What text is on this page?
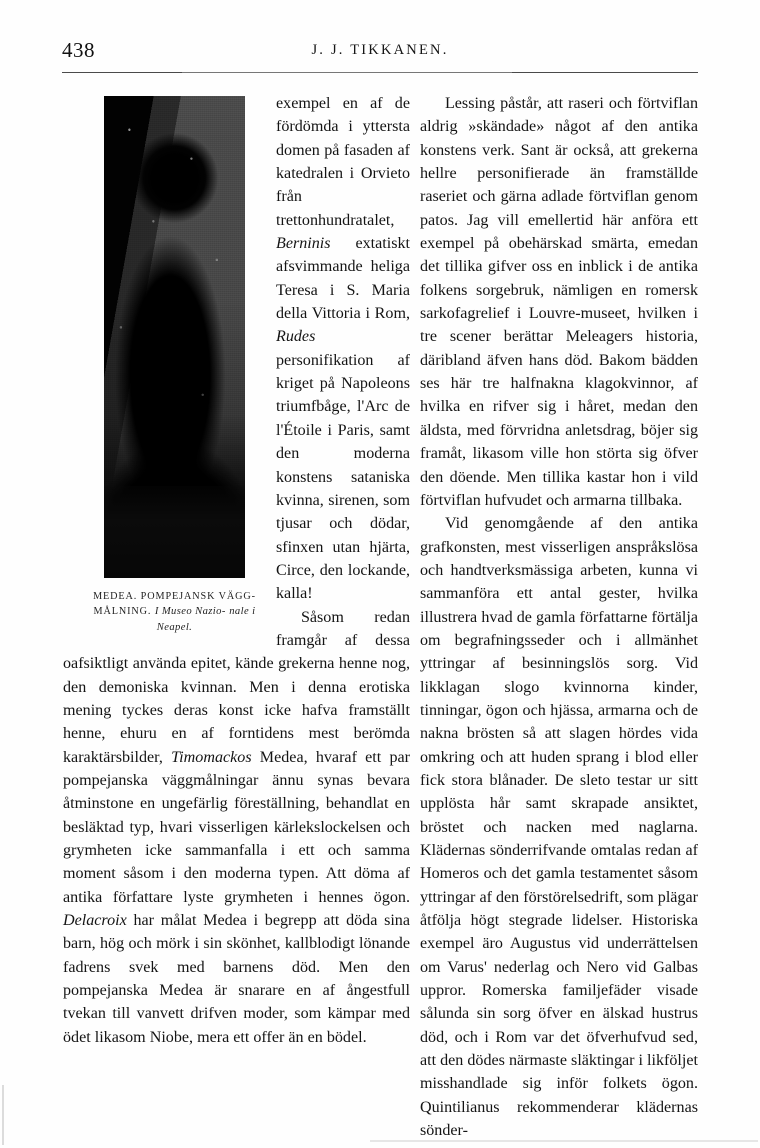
438	J. J. TIKKANEN.
MEDEA. POMPEJANSK VÄGG- MÅLNING. I Museo Nazio- nale i Neapel.

exempel en af de fördömda i yttersta domen på fasaden af katedralen i Orvieto från trettonhundratalet, Berninis extatiskt afsvimmande heliga Teresa i S. Maria della Vittoria i Rom, Rudes personifikation af kriget på Napoleons triumfbåge, l'Arc de l'Étoile i Paris, samt den moderna konstens sataniska kvinna, sirenen, som tjusar och dödar, sfinxen utan hjärta, Circe, den lockande, kalla!

Såsom redan framgår af dessa oafsiktligt använda epitet, kände grekerna henne nog, den demoniska kvinnan. Men i denna erotiska mening tyckes deras konst icke hafva framställt henne, ehuru en af forntidens mest berömda karaktärsbilder, Timomackos Medea, hvaraf ett par pompejanska väggmålningar ännu synas bevara åtminstone en ungefärlig föreställning, behandlat en besläktad typ, hvari visserligen kärlekslockelsen och grymheten icke sammanfalla i ett och samma moment såsom i den moderna typen. Att döma af antika författare lyste grymheten i hennes ögon. Delacroix har målat Medea i begrepp att döda sina barn, hög och mörk i sin skönhet, kallblodigt lönande fadrens svek med barnens död. Men den pompejanska Medea är snarare en af ångestfull tvekan till vanvett drifven moder, som kämpar med ödet likasom Niobe, mera ett offer än en bödel.

Lessing påstår, att raseri och förtviflan aldrig »skändade» något af den antika konstens verk. Sant är också, att grekerna hellre personifierade än framställde raseriet och gärna adlade förtviflan genom patos. Jag vill emellertid här anföra ett exempel på obehärskad smärta, emedan det tillika gifver oss en inblick i de antika folkens sorgebruk, nämligen en romersk sarkofagrelief i Louvre-museet, hvilken i tre scener berättar Meleagers historia, däribland äfven hans död. Bakom bädden ses här tre halfnakna klagokvinnor, af hvilka en rifver sig i håret, medan den äldsta, med förvridna anletsdrag, böjer sig framåt, likasom ville hon störta sig öfver den döende. Men tillika kastar hon i vild förtviflan hufvudet och armarna tillbaka.

Vid genomgående af den antika grafkonsten, mest visserligen anspråkslösa och handtverksmässiga arbeten, kunna vi sammanföra ett antal gester, hvilka illustrera hvad de gamla författarne förtälja om begrafningsseder och i allmänhet yttringar af besinningslös sorg. Vid likklagan slogo kvinnorna kinder, tinningar, ögon och hjässa, armarna och de nakna brösten så att slagen hördes vida omkring och att huden sprang i blod eller fick stora blånader. De sleto testar ur sitt upplösta hår samt skrapade ansiktet, bröstet och nacken med naglarna. Klädernas sönderrifvande omtalas redan af Homeros och det gamla testamentet såsom yttringar af den förstörelsedrift, som plägar åtfölja högt stegrade lidelser. Historiska exempel äro Augustus vid underrättelsen om Varus' nederlag och Nero vid Galbas uppror. Romerska familjefäder visade sålunda sin sorg öfver en älskad hustrus död, och i Rom var det öfverhufvud sed, att den dödes närmaste släktingar i likföljet misshandlade sig inför folkets ögon. Quintilianus rekommenderar klädernas sönder-
